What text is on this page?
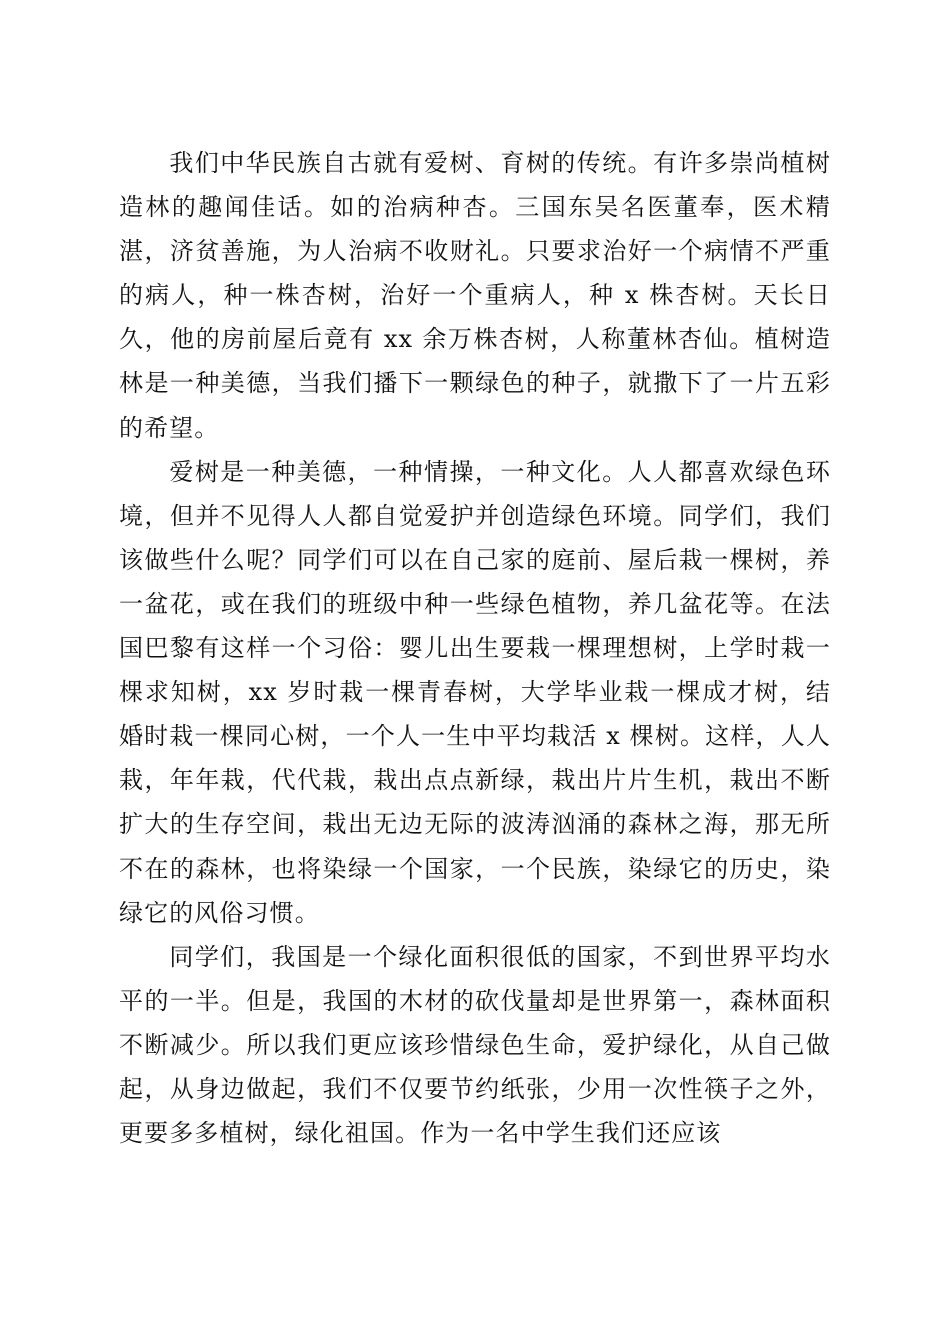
我们中华民族自古就有爱树、育树的传统。有许多崇尚植树造林的趣闻佳话。如的治病种杏。三国东吴名医董奉，医术精湛，济贫善施，为人治病不收财礼。只要求治好一个病情不严重的病人，种一株杏树，治好一个重病人，种 x 株杏树。天长日久，他的房前屋后竟有 xx 余万株杏树，人称董林杏仙。植树造林是一种美德，当我们播下一颗绿色的种子，就撒下了一片五彩的希望。

爱树是一种美德，一种情操，一种文化。人人都喜欢绿色环境，但并不见得人人都自觉爱护并创造绿色环境。同学们，我们该做些什么呢？同学们可以在自己家的庭前、屋后栽一棵树，养一盆花，或在我们的班级中种一些绿色植物，养几盆花等。在法国巴黎有这样一个习俗：婴儿出生要栽一棵理想树，上学时栽一棵求知树，xx 岁时栽一棵青春树，大学毕业栽一棵成才树，结婚时栽一棵同心树，一个人一生中平均栽活 x 棵树。这样，人人栽，年年栽，代代栽，栽出点点新绿，栽出片片生机，栽出不断扩大的生存空间，栽出无边无际的波涛汹涌的森林之海，那无所不在的森林，也将染绿一个国家，一个民族，染绿它的历史，染绿它的风俗习惯。

同学们，我国是一个绿化面积很低的国家，不到世界平均水平的一半。但是，我国的木材的砍伐量却是世界第一，森林面积不断减少。所以我们更应该珍惜绿色生命，爱护绿化，从自己做起，从身边做起，我们不仅要节约纸张，少用一次性筷子之外，更要多多植树，绿化祖国。作为一名中学生我们还应该
